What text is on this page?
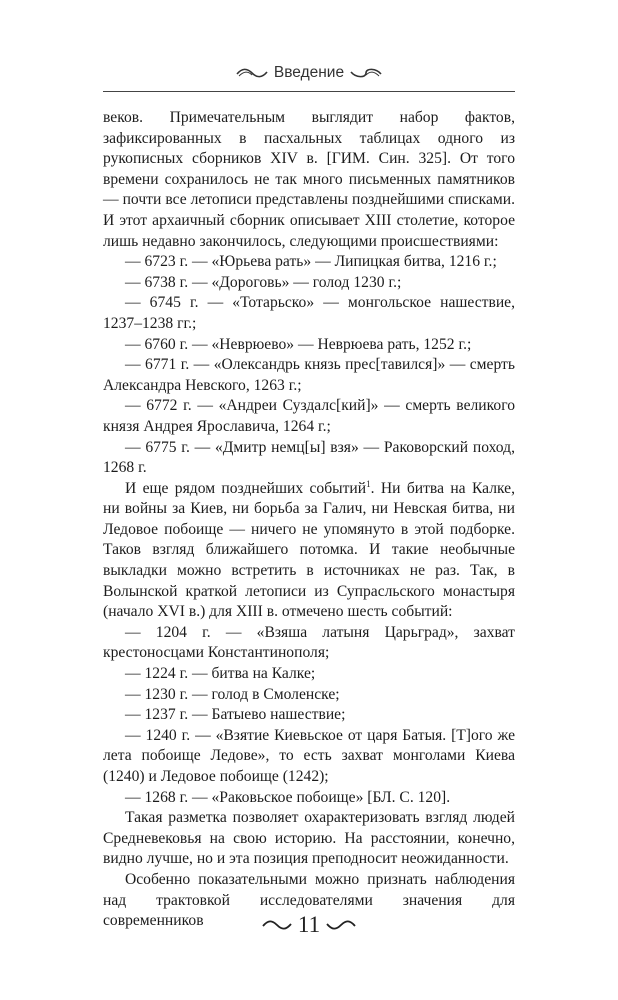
Введение

веков. Примечательным выглядит набор фактов, зафиксированных в пасхальных таблицах одного из рукописных сборников XIV в. [ГИМ. Син. 325]. От того времени сохранилось не так много письменных памятников — почти все летописи представлены позднейшими списками. И этот архаичный сборник описывает XIII столетие, которое лишь недавно закончилось, следующими происшествиями:

— 6723 г. — «Юрьева рать» — Липицкая битва, 1216 г.;

— 6738 г. — «Дороговь» — голод 1230 г.;

— 6745 г. — «Тотарьско» — монгольское нашествие, 1237–1238 гг.;

— 6760 г. — «Неврюево» — Неврюева рать, 1252 г.;

— 6771 г. — «Олександрь князь прес[тавился]» — смерть Александра Невского, 1263 г.;

— 6772 г. — «Андреи Суздалс[кий]» — смерть великого князя Андрея Ярославича, 1264 г.;

— 6775 г. — «Дмитр немц[ы] взя» — Раковорский поход, 1268 г.

И еще рядом позднейших событий$^1$. Ни битва на Калке, ни войны за Киев, ни борьба за Галич, ни Невская битва, ни Ледовое побоище — ничего не упомянуто в этой подборке. Таков взгляд ближайшего потомка. И такие необычные выкладки можно встретить в источниках не раз. Так, в Волынской краткой летописи из Супрасльского монастыря (начало XVI в.) для XIII в. отмечено шесть событий:

— 1204 г. — «Взяша латыня Царьград», захват крестоносцами Константинополя;

— 1224 г. — битва на Калке;

— 1230 г. — голод в Смоленске;

— 1237 г. — Батыево нашествие;

— 1240 г. — «Взятие Киевьское от царя Батыя. [Т]ого же лета побоище Ледове», то есть захват монголами Киева (1240) и Ледовое побоище (1242);

— 1268 г. — «Раковьское побоище» [БЛ. С. 120].

Такая разметка позволяет охарактеризовать взгляд людей Средневековья на свою историю. На расстоянии, конечно, видно лучше, но и эта позиция преподносит неожиданности.

Особенно показательными можно признать наблюдения над трактовкой исследователями значения для современников	11
